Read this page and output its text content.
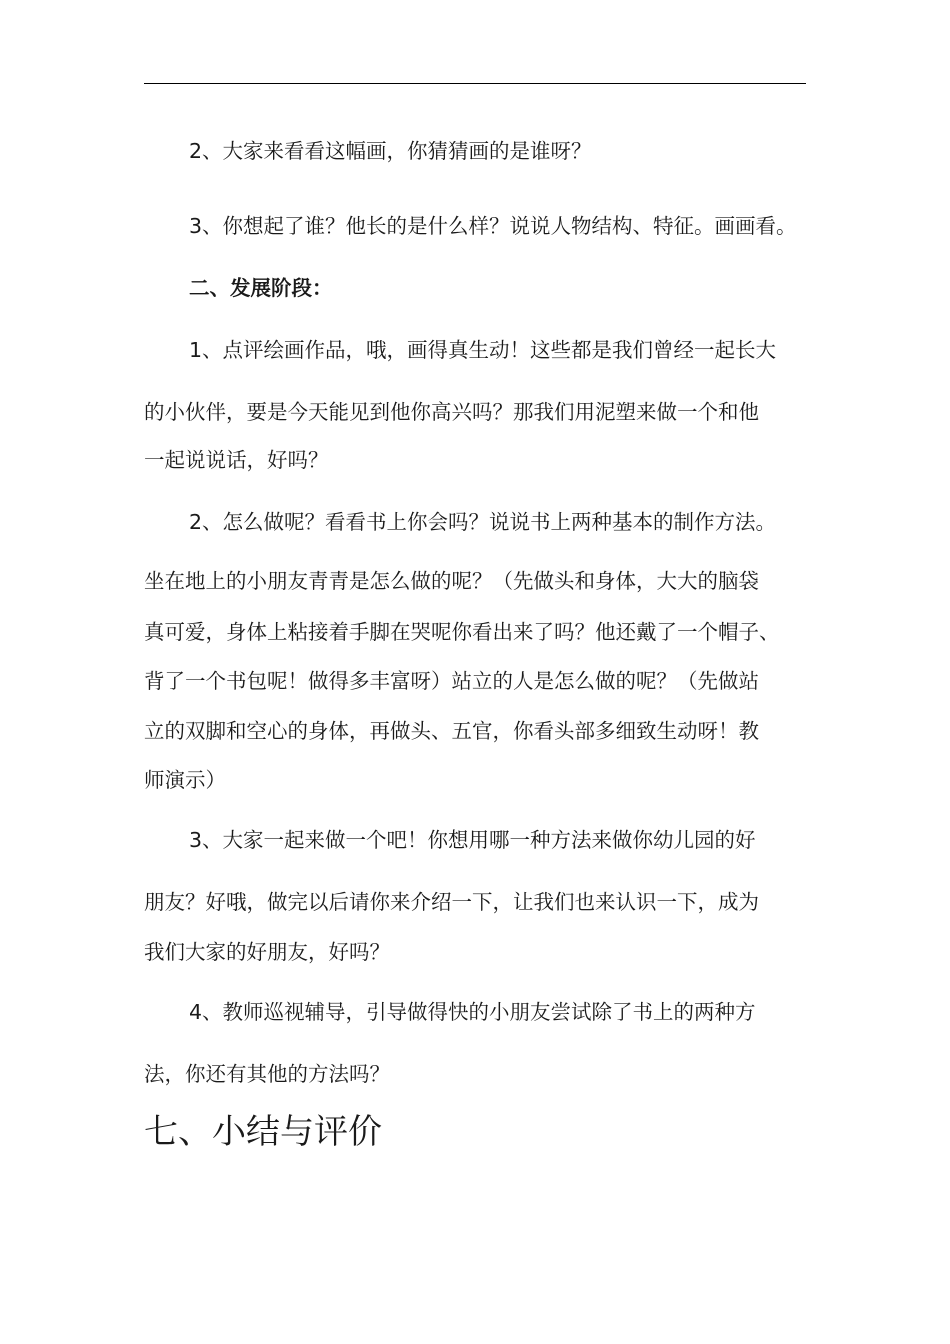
2、大家来看看这幅画，你猜猜画的是谁呀？
3、你想起了谁？他长的是什么样？说说人物结构、特征。画画看。
二、发展阶段：
1、点评绘画作品，哦，画得真生动！这些都是我们曾经一起长大
的小伙伴，要是今天能见到他你高兴吗？那我们用泥塑来做一个和他
一起说说话，好吗？
2、怎么做呢？看看书上你会吗？说说书上两种基本的制作方法。
坐在地上的小朋友青青是怎么做的呢？（先做头和身体，大大的脑袋
真可爱，身体上粘接着手脚在哭呢你看出来了吗？他还戴了一个帽子、
背了一个书包呢！做得多丰富呀）站立的人是怎么做的呢？（先做站
立的双脚和空心的身体，再做头、五官，你看头部多细致生动呀！教
师演示）
3、大家一起来做一个吧！你想用哪一种方法来做你幼儿园的好
朋友？好哦，做完以后请你来介绍一下，让我们也来认识一下，成为
我们大家的好朋友，好吗？
4、教师巡视辅导，引导做得快的小朋友尝试除了书上的两种方
法，你还有其他的方法吗？
七、小结与评价
